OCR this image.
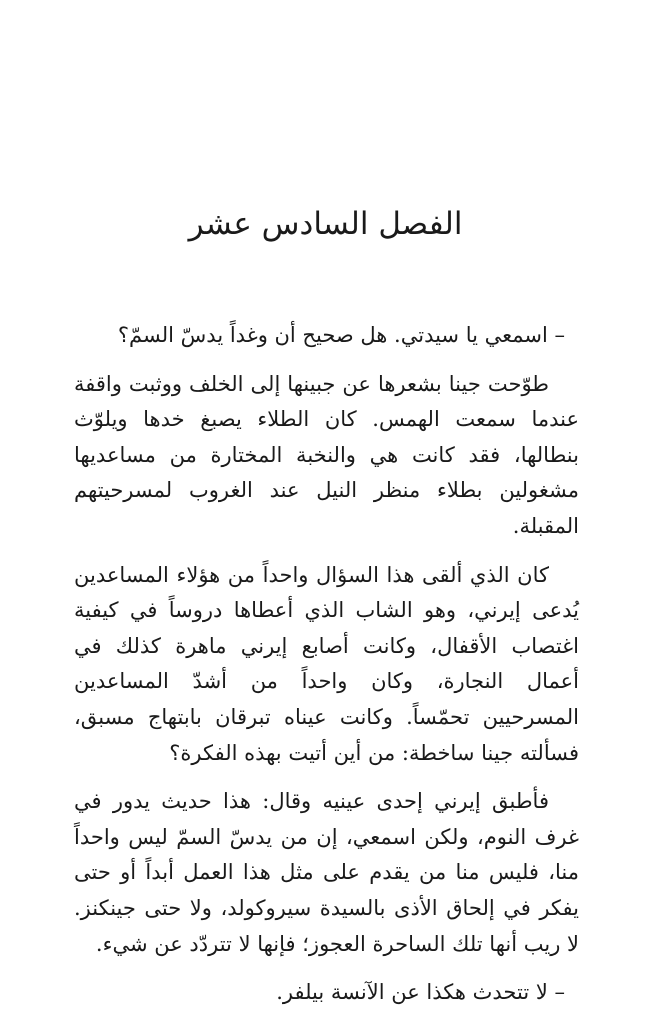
الفصل السادس عشر

– اسمعي يا سيدتي. هل صحيح أن وغداً يدسّ السمّ؟

طوّحت جينا بشعرها عن جبينها إلى الخلف ووثبت واقفة عندما سمعت الهمس. كان الطلاء يصبغ خدها ويلوّث بنطالها، فقد كانت هي والنخبة المختارة من مساعديها مشغولين بطلاء منظر النيل عند الغروب لمسرحيتهم المقبلة.

كان الذي ألقى هذا السؤال واحداً من هؤلاء المساعدين يُدعى إيرني، وهو الشاب الذي أعطاها دروساً في كيفية اغتصاب الأقفال، وكانت أصابع إيرني ماهرة كذلك في أعمال النجارة، وكان واحداً من أشدّ المساعدين المسرحيين تحمّساً. وكانت عيناه تبرقان بابتهاج مسبق، فسألته جينا ساخطة: من أين أتيت بهذه الفكرة؟

فأطبق إيرني إحدى عينيه وقال: هذا حديث يدور في غرف النوم، ولكن اسمعي، إن من يدسّ السمّ ليس واحداً منا، فليس منا من يقدم على مثل هذا العمل أبداً أو حتى يفكر في إلحاق الأذى بالسيدة سيروكولد، ولا حتى جينكنز. لا ريب أنها تلك الساحرة العجوز؛ فإنها لا تتردّد عن شيء.

– لا تتحدث هكذا عن الآنسة بيلفر.
